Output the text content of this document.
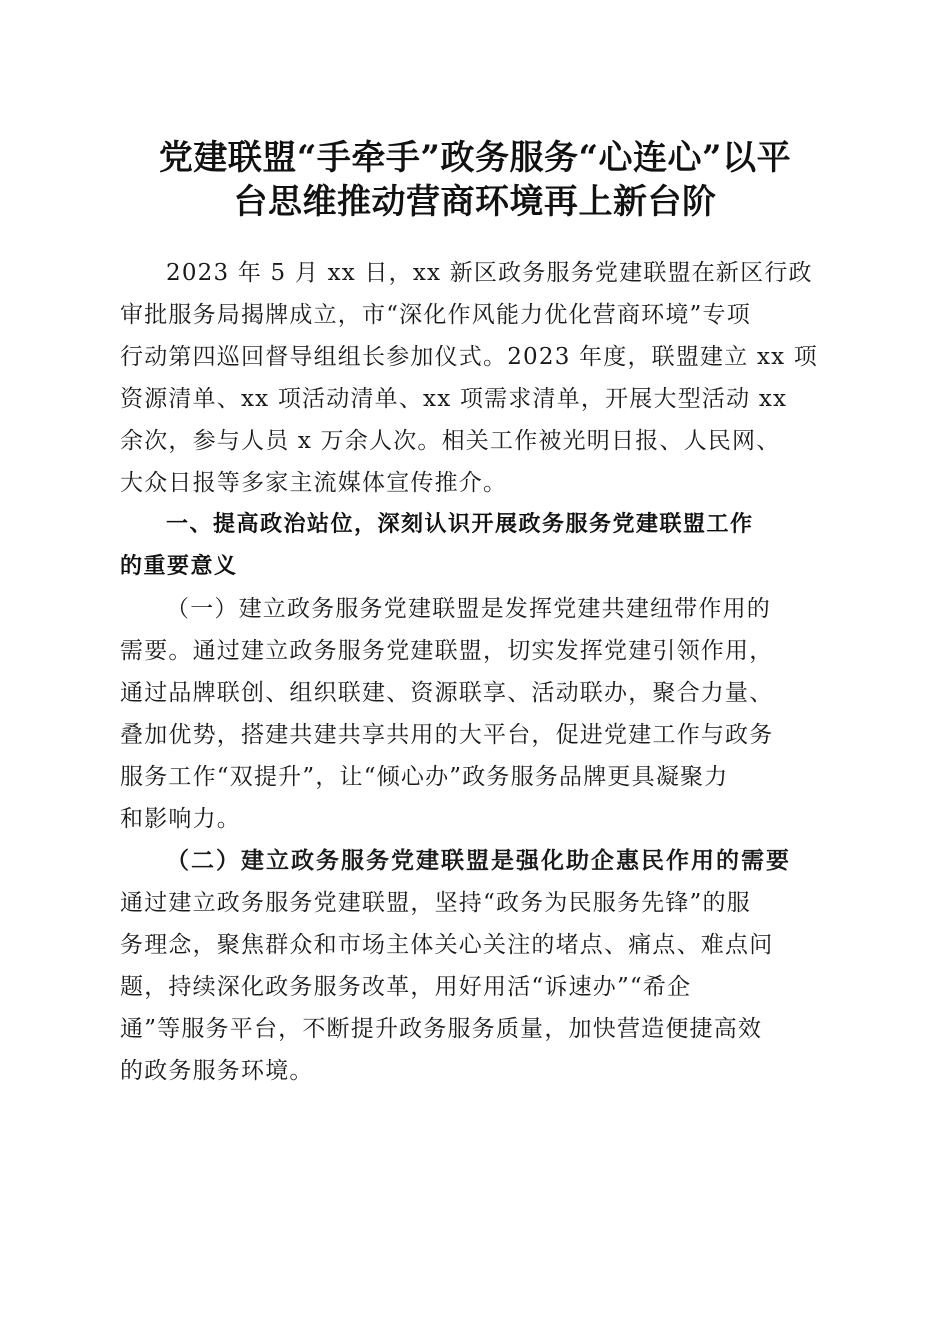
党建联盟“手牵手”政务服务“心连心”以平
台思维推动营商环境再上新台阶
2023 年 5 月 xx 日，xx 新区政务服务党建联盟在新区行政
审批服务局揭牌成立，市“深化作风能力优化营商环境”专项
行动第四巡回督导组组长参加仪式。2023 年度，联盟建立 xx 项
资源清单、xx 项活动清单、xx 项需求清单，开展大型活动 xx
余次，参与人员 x 万余人次。相关工作被光明日报、人民网、
大众日报等多家主流媒体宣传推介。
一、提高政治站位，深刻认识开展政务服务党建联盟工作
的重要意义
（一）建立政务服务党建联盟是发挥党建共建纽带作用的
需要。通过建立政务服务党建联盟，切实发挥党建引领作用，
通过品牌联创、组织联建、资源联享、活动联办，聚合力量、
叠加优势，搭建共建共享共用的大平台，促进党建工作与政务
服务工作“双提升”，让“倾心办”政务服务品牌更具凝聚力
和影响力。
（二）建立政务服务党建联盟是强化助企惠民作用的需要
通过建立政务服务党建联盟，坚持“政务为民服务先锋”的服
务理念，聚焦群众和市场主体关心关注的堵点、痛点、难点问
题，持续深化政务服务改革，用好用活“诉速办”“希企
通”等服务平台，不断提升政务服务质量，加快营造便捷高效
的政务服务环境。
